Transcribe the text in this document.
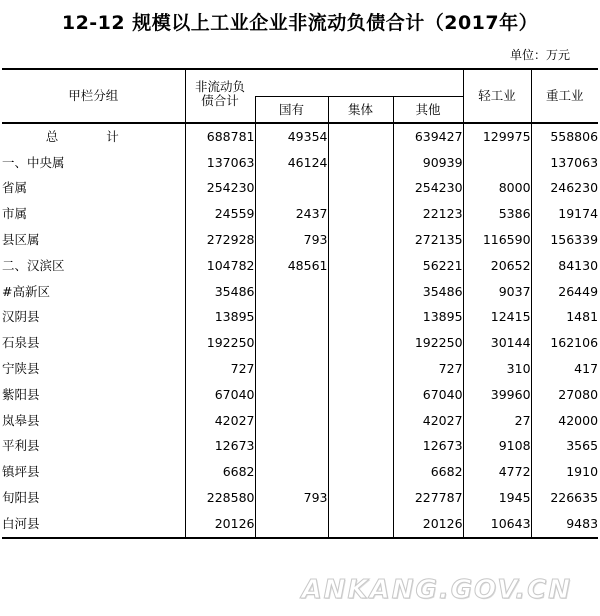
12-12 规模以上工业企业非流动负债合计（2017年）
单位：万元
甲栏分组	非流动负
债合计				轻工业	重工业
		国有	集体	其他		
总 计	688781	49354		639427	129975	558806
一、中央属	137063	46124		90939		137063
省属	254230			254230	8000	246230
市属	24559	2437		22123	5386	19174
县区属	272928	793		272135	116590	156339
二、汉滨区	104782	48561		56221	20652	84130
#高新区	35486			35486	9037	26449
汉阴县	13895			13895	12415	1481
石泉县	192250			192250	30144	162106
宁陕县	727			727	310	417
紫阳县	67040			67040	39960	27080
岚皋县	42027			42027	27	42000
平利县	12673			12673	9108	3565
镇坪县	6682			6682	4772	1910
旬阳县	228580	793		227787	1945	226635
白河县	20126			20126	10643	9483
ANKANG.GOV.CN
